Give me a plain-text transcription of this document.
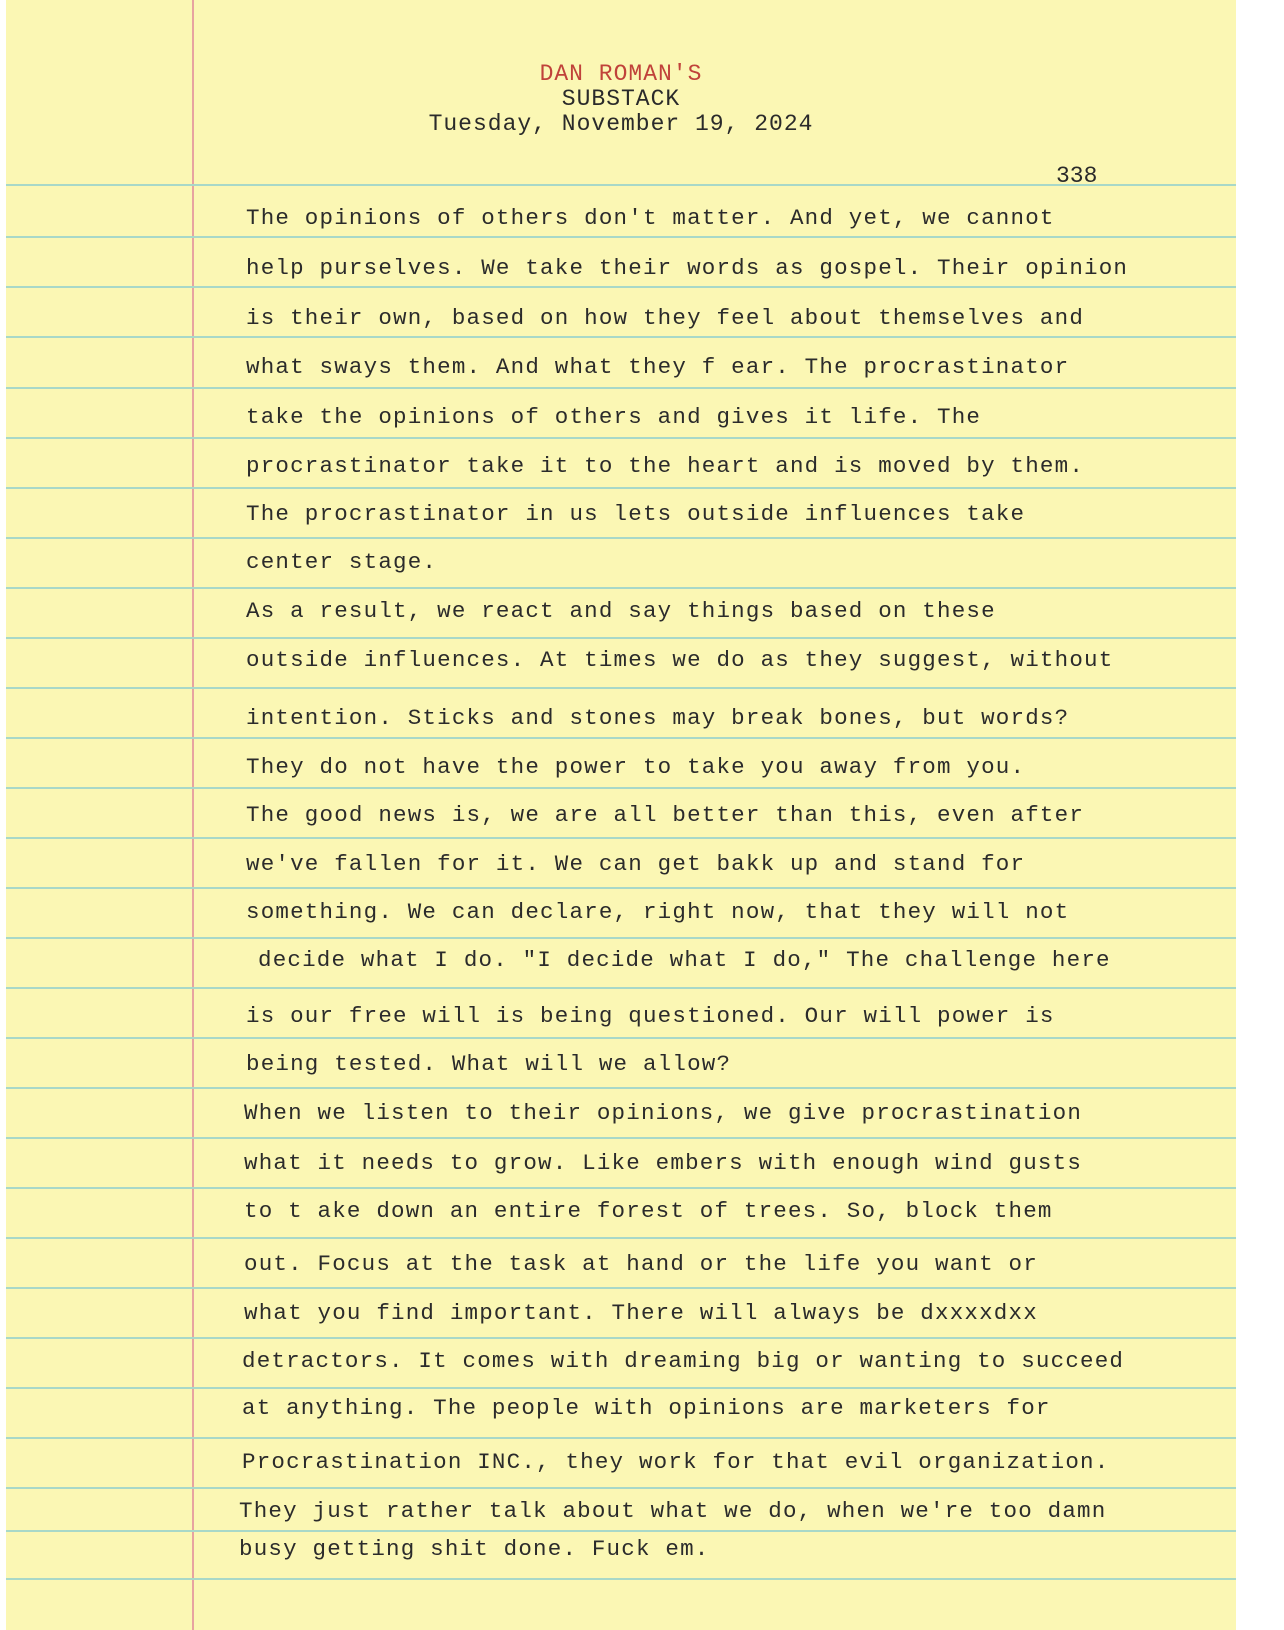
DAN ROMAN'S
SUBSTACK
Tuesday, November 19, 2024
338
The opinions of others don't matter. And yet, we cannot
help purselves. We take their words as gospel. Their opinion
is their own, based on how they feel about themselves and
what sways them. And what they f ear. The procrastinator
take the opinions of others and gives it life. The
procrastinator take it to the heart and is moved by them.
The procrastinator in us lets outside influences take
center stage.
As a result, we react and say things based on these
outside influences. At times we do as they suggest, without
intention. Sticks and stones may break bones, but words?
They do not have the power to take you away from you.
The good news is, we are all better than this, even after
we've fallen for it. We can get bakk up and stand for
something. We can declare, right now, that they will not
decide what I do. "I decide what I do," The challenge here
is our free will is being questioned. Our will power is
being tested. What will we allow?
When we listen to their opinions, we give procrastination
what it needs to grow. Like embers with enough wind gusts
to t ake down an entire forest of trees. So, block them
out. Focus at the task at hand or the life you want or
what you find important. There will always be dxxxxdxx
detractors. It comes with dreaming big or wanting to succeed
at anything. The people with opinions are marketers for
Procrastination INC., they work for that evil organization.
They just rather talk about what we do, when we're too damn
busy getting shit done. Fuck em.
